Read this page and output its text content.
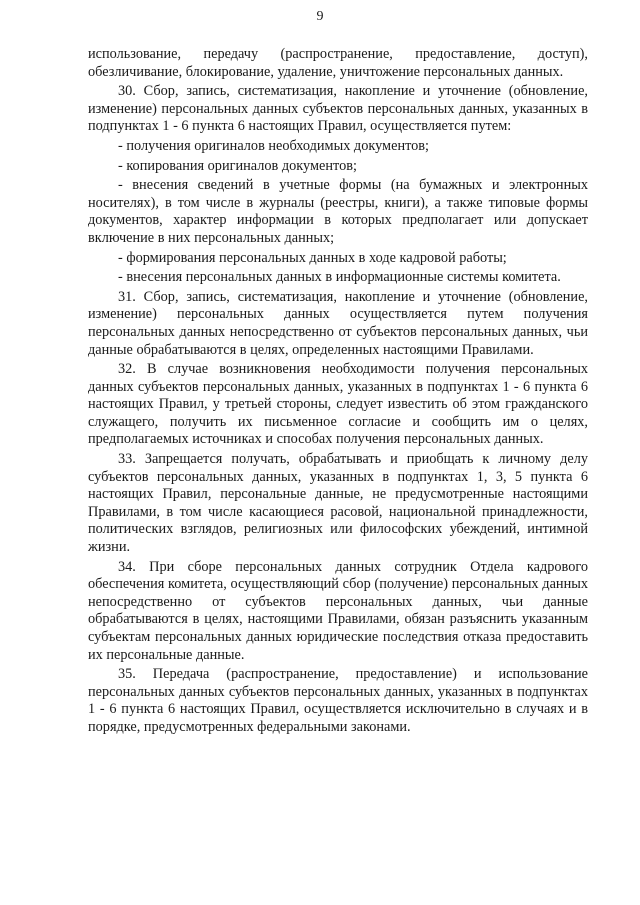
9

использование, передачу (распространение, предоставление, доступ), обезличивание, блокирование, удаление, уничтожение персональных данных.

30. Сбор, запись, систематизация, накопление и уточнение (обновление, изменение) персональных данных субъектов персональных данных, указанных в подпунктах 1 - 6 пункта 6 настоящих Правил, осуществляется путем:

- получения оригиналов необходимых документов;

- копирования оригиналов документов;

- внесения сведений в учетные формы (на бумажных и электронных носителях), в том числе в журналы (реестры, книги), а также типовые формы документов, характер информации в которых предполагает или допускает включение в них персональных данных;

- формирования персональных данных в ходе кадровой работы;

- внесения персональных данных в информационные системы комитета.

31. Сбор, запись, систематизация, накопление и уточнение (обновление, изменение) персональных данных осуществляется путем получения персональных данных непосредственно от субъектов персональных данных, чьи данные обрабатываются в целях, определенных настоящими Правилами.

32. В случае возникновения необходимости получения персональных данных субъектов персональных данных, указанных в подпунктах 1 - 6 пункта 6 настоящих Правил, у третьей стороны, следует известить об этом гражданского служащего, получить их письменное согласие и сообщить им о целях, предполагаемых источниках и способах получения персональных данных.

33. Запрещается получать, обрабатывать и приобщать к личному делу субъектов персональных данных, указанных в подпунктах 1, 3, 5 пункта 6 настоящих Правил, персональные данные, не предусмотренные настоящими Правилами, в том числе касающиеся расовой, национальной принадлежности, политических взглядов, религиозных или философских убеждений, интимной жизни.

34. При сборе персональных данных сотрудник Отдела кадрового обеспечения комитета, осуществляющий сбор (получение) персональных данных непосредственно от субъектов персональных данных, чьи данные обрабатываются в целях, настоящими Правилами, обязан разъяснить указанным субъектам персональных данных юридические последствия отказа предоставить их персональные данные.

35. Передача (распространение, предоставление) и использование персональных данных субъектов персональных данных, указанных в подпунктах 1 - 6 пункта 6 настоящих Правил, осуществляется исключительно в случаях и в порядке, предусмотренных федеральными законами.
